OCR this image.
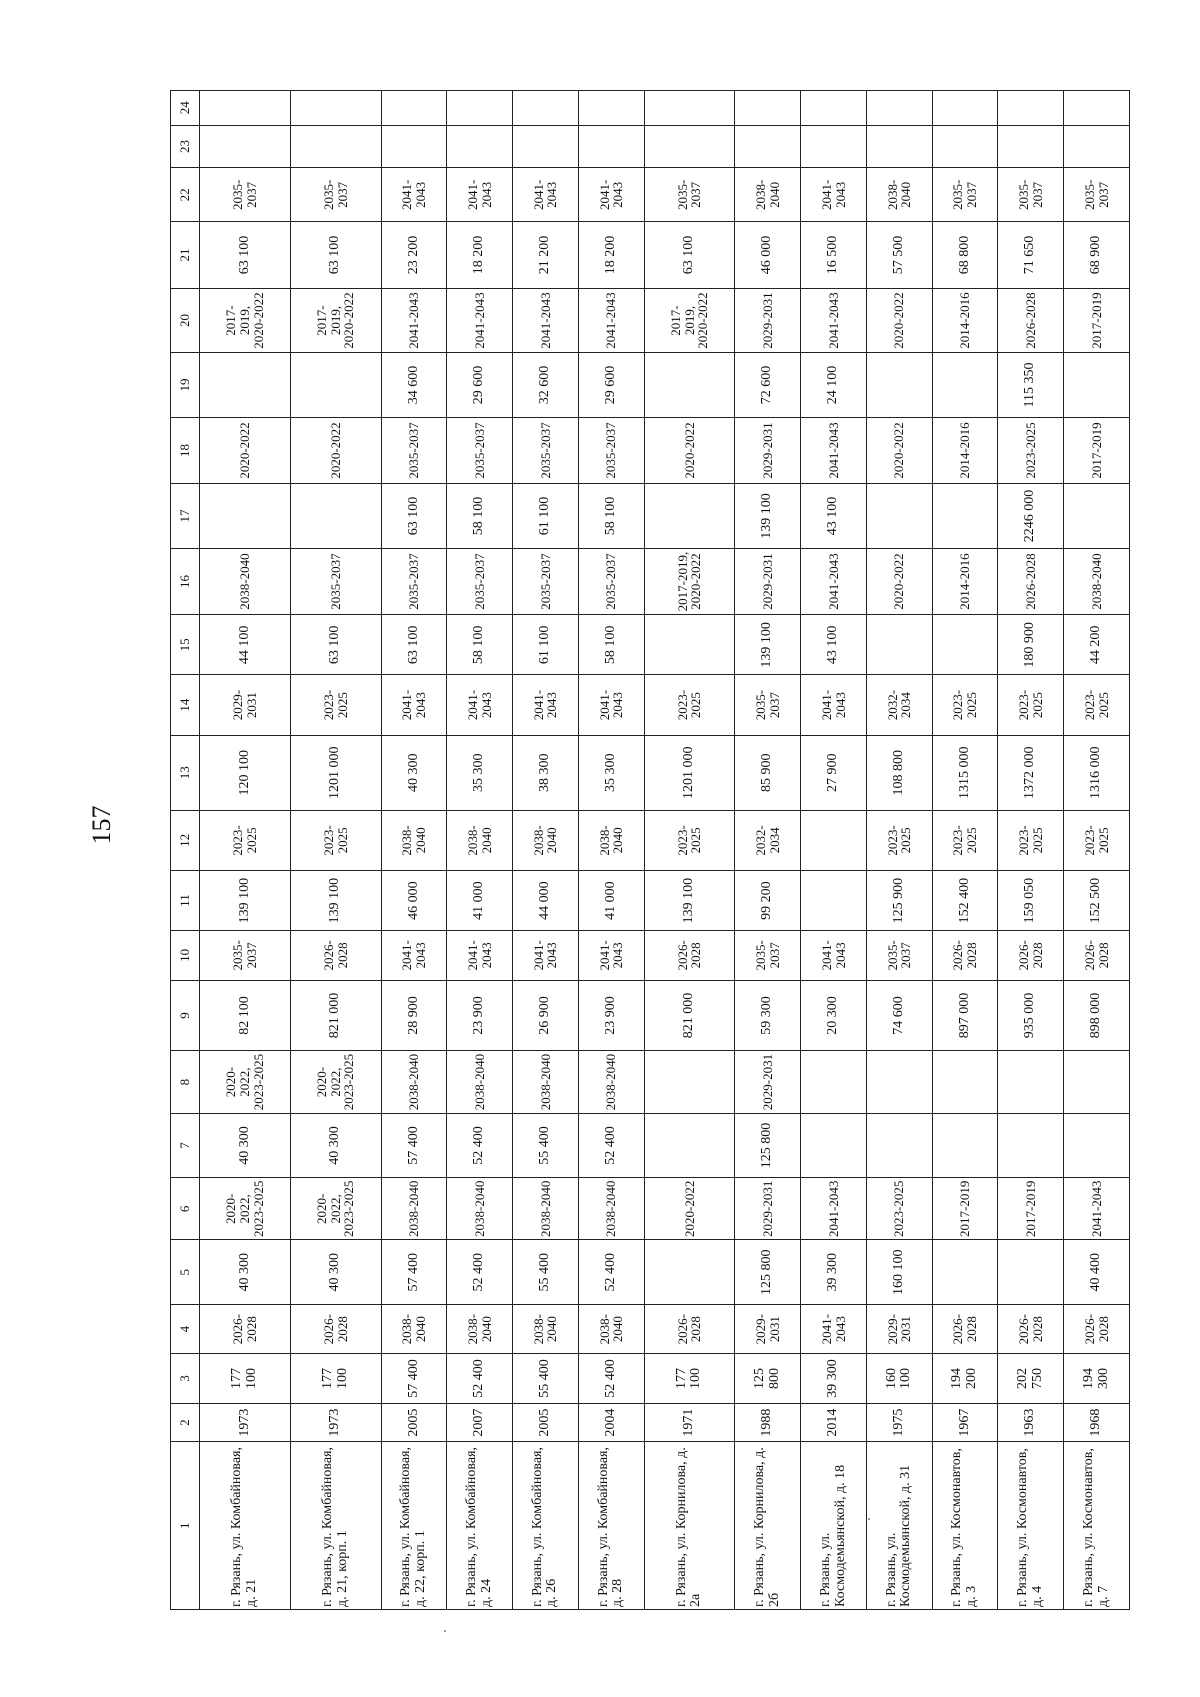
157
1	2	3	4	5	6	7	8	9	10	11	12	13	14	15	16	17	18	19	20	21	22	23	24
г. Рязань, ул. Комбайновая, д. 21	1973	177 100	2026-2028	40 300	2020-2022, 2023-2025	40 300	2020-2022, 2023-2025	82 100	2035-2037	139 100	2023-2025	120 100	2029-2031	44 100	2038-2040		2020-2022		2017-2019, 2020-2022	63 100	2035-2037		
г. Рязань, ул. Комбайновая, д. 21, корп. 1	1973	177 100	2026-2028	40 300	2020-2022, 2023-2025	40 300	2020-2022, 2023-2025	821 000	2026-2028	139 100	2023-2025	1201 000	2023-2025	63 100	2035-2037		2020-2022		2017-2019, 2020-2022	63 100	2035-2037		
г. Рязань, ул. Комбайновая, д. 22, корп. 1	2005	57 400	2038-2040	57 400	2038-2040	57 400	2038-2040	28 900	2041-2043	46 000	2038-2040	40 300	2041-2043	63 100	2035-2037	63 100	2035-2037	34 600	2041-2043	23 200	2041-2043		
г. Рязань, ул. Комбайновая, д. 24	2007	52 400	2038-2040	52 400	2038-2040	52 400	2038-2040	23 900	2041-2043	41 000	2038-2040	35 300	2041-2043	58 100	2035-2037	58 100	2035-2037	29 600	2041-2043	18 200	2041-2043		
г. Рязань, ул. Комбайновая, д. 26	2005	55 400	2038-2040	55 400	2038-2040	55 400	2038-2040	26 900	2041-2043	44 000	2038-2040	38 300	2041-2043	61 100	2035-2037	61 100	2035-2037	32 600	2041-2043	21 200	2041-2043		
г. Рязань, ул. Комбайновая, д. 28	2004	52 400	2038-2040	52 400	2038-2040	52 400	2038-2040	23 900	2041-2043	41 000	2038-2040	35 300	2041-2043	58 100	2035-2037	58 100	2035-2037	29 600	2041-2043	18 200	2041-2043		
г. Рязань, ул. Корнилова, д. 2а	1971	177 100	2026-2028		2020-2022			821 000	2026-2028	139 100	2023-2025	1201 000	2023-2025		2017-2019, 2020-2022		2020-2022		2017-2019, 2020-2022	63 100	2035-2037		
г. Рязань, ул. Корнилова, д. 2б	1988	125 800	2029-2031	125 800	2029-2031	125 800	2029-2031	59 300	2035-2037	99 200	2032-2034	85 900	2035-2037	139 100	2029-2031	139 100	2029-2031	72 600	2029-2031	46 000	2038-2040		
г. Рязань, ул. Космодемьянской, д. 18	2014	39 300	2041-2043	39 300	2041-2043			20 300	2041-2043			27 900	2041-2043	43 100	2041-2043	43 100	2041-2043	24 100	2041-2043	16 500	2041-2043		
г. Рязань, ул. Космодемьянской, д. 31	1975	160 100	2029-2031	160 100	2023-2025			74 600	2035-2037	125 900	2023-2025	108 800	2032-2034		2020-2022		2020-2022		2020-2022	57 500	2038-2040		
г. Рязань, ул. Космонавтов, д. 3	1967	194 200	2026-2028		2017-2019			897 000	2026-2028	152 400	2023-2025	1315 000	2023-2025		2014-2016		2014-2016		2014-2016	68 800	2035-2037		
г. Рязань, ул. Космонавтов, д. 4	1963	202 750	2026-2028		2017-2019			935 000	2026-2028	159 050	2023-2025	1372 000	2023-2025	180 900	2026-2028	2246 000	2023-2025	115 350	2026-2028	71 650	2035-2037		
г. Рязань, ул. Космонавтов, д. 7	1968	194 300	2026-2028	40 400	2041-2043			898 000	2026-2028	152 500	2023-2025	1316 000	2023-2025	44 200	2038-2040		2017-2019		2017-2019	68 900	2035-2037		
